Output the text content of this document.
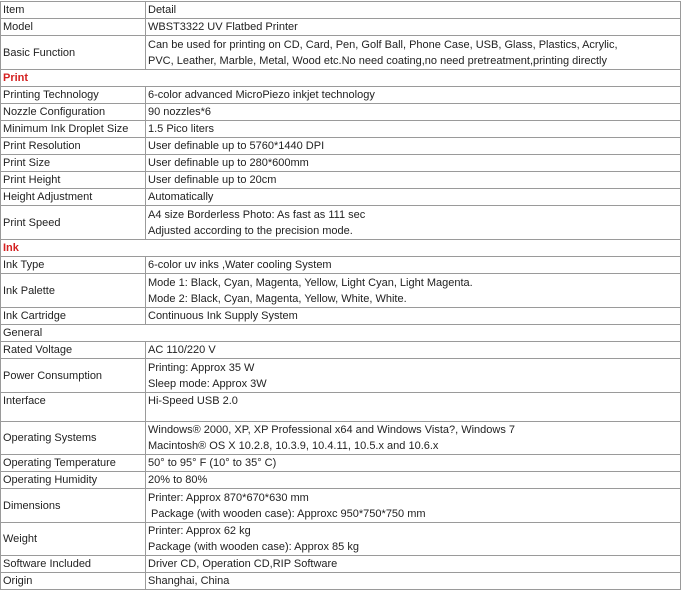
Item	Detail
Model	WBST3322 UV Flatbed Printer
Basic Function	Can be used for printing on CD, Card, Pen, Golf Ball, Phone Case, USB, Glass, Plastics, Acrylic,
PVC, Leather, Marble, Metal, Wood etc.No need coating,no need pretreatment,printing directly

Print	
Printing Technology	6-color advanced MicroPiezo inkjet technology
Nozzle Configuration	90 nozzles*6
Minimum Ink Droplet Size	1.5 Pico liters
Print Resolution	User definable up to 5760*1440 DPI
Print Size	User definable up to 280*600mm
Print Height	User definable up to 20cm
Height Adjustment	Automatically
Print Speed	A4 size Borderless Photo: As fast as 111 sec
Adjusted according to the precision mode.

Ink	
Ink Type	6-color uv inks ,Water cooling System
Ink Palette	Mode 1: Black, Cyan, Magenta, Yellow, Light Cyan, Light Magenta.
Mode 2: Black, Cyan, Magenta, Yellow, White, White.

Ink Cartridge	Continuous Ink Supply System
General	
Rated Voltage	AC 110/220 V
Power Consumption	Printing: Approx 35 W
Sleep mode: Approx 3W

Interface	Hi-Speed USB 2.0
Operating Systems	Windows® 2000, XP, XP Professional x64 and Windows Vista?, Windows 7
Macintosh® OS X 10.2.8, 10.3.9, 10.4.11, 10.5.x and 10.6.x

Operating Temperature	50° to 95° F (10° to 35° C)
Operating Humidity	20% to 80%
Dimensions	Printer: Approx 870*670*630 mm
Package (with wooden case): Approxc 950*750*750 mm

Weight	Printer: Approx 62 kg
Package (with wooden case): Approx 85 kg

Software Included	Driver CD, Operation CD,RIP Software
Origin	Shanghai, China
